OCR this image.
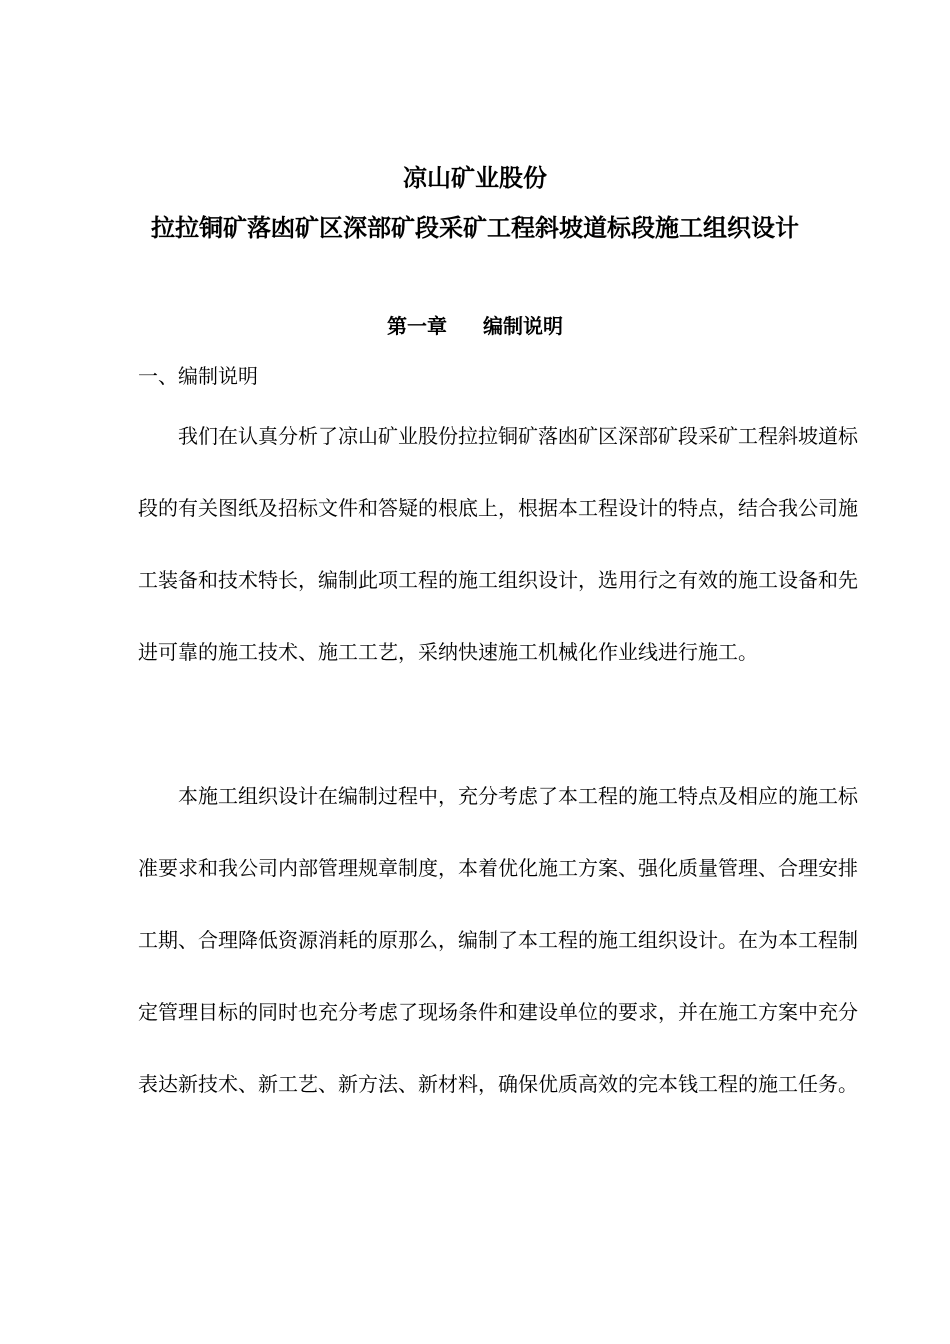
凉山矿业股份
拉拉铜矿落凼矿区深部矿段采矿工程斜坡道标段施工组织设计
第一章 编制说明
一、编制说明

我们在认真分析了凉山矿业股份拉拉铜矿落凼矿区深部矿段采矿工程斜坡道标段的有关图纸及招标文件和答疑的根底上，根据本工程设计的特点，结合我公司施工装备和技术特长，编制此项工程的施工组织设计，选用行之有效的施工设备和先进可靠的施工技术、施工工艺，采纳快速施工机械化作业线进行施工。

本施工组织设计在编制过程中，充分考虑了本工程的施工特点及相应的施工标准要求和我公司内部管理规章制度，本着优化施工方案、强化质量管理、合理安排工期、合理降低资源消耗的原那么，编制了本工程的施工组织设计。在为本工程制定管理目标的同时也充分考虑了现场条件和建设单位的要求，并在施工方案中充分表达新技术、新工艺、新方法、新材料，确保优质高效的完本钱工程的施工任务。
